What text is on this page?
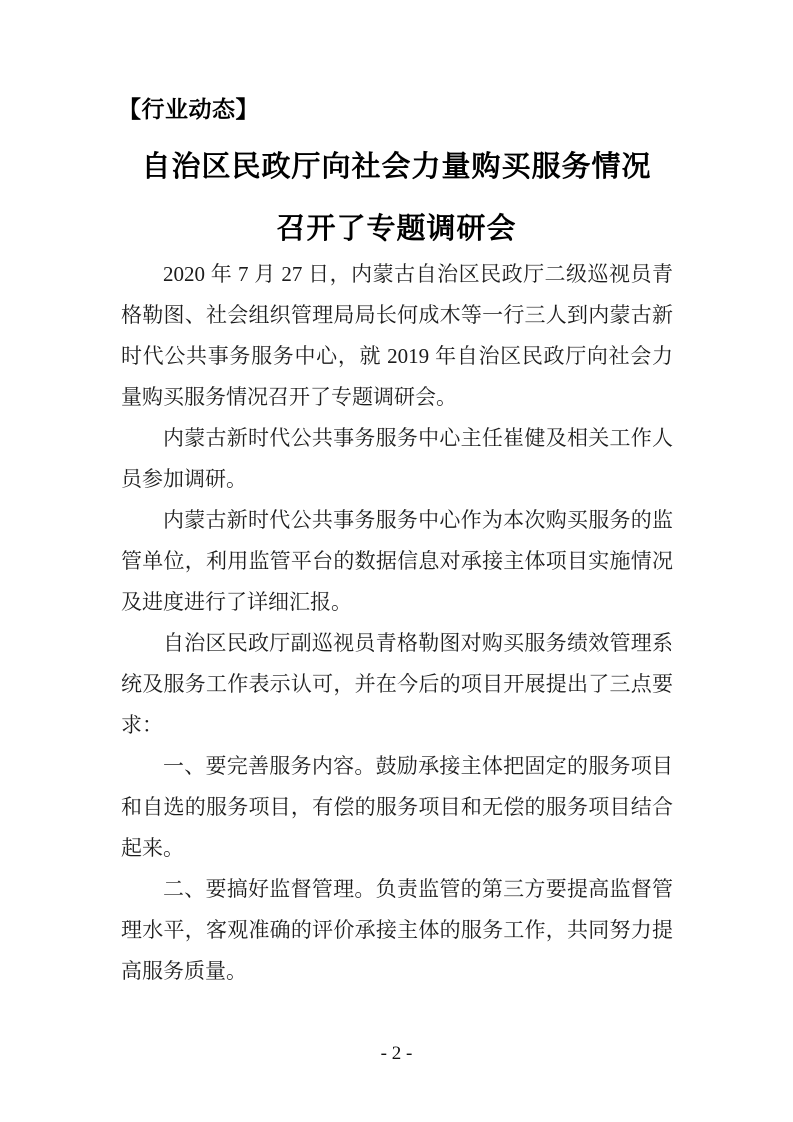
【行业动态】
自治区民政厅向社会力量购买服务情况
召开了专题调研会

2020 年 7 月 27 日，内蒙古自治区民政厅二级巡视员青格勒图、社会组织管理局局长何成木等一行三人到内蒙古新时代公共事务服务中心，就 2019 年自治区民政厅向社会力量购买服务情况召开了专题调研会。

内蒙古新时代公共事务服务中心主任崔健及相关工作人员参加调研。

内蒙古新时代公共事务服务中心作为本次购买服务的监管单位，利用监管平台的数据信息对承接主体项目实施情况及进度进行了详细汇报。

自治区民政厅副巡视员青格勒图对购买服务绩效管理系统及服务工作表示认可，并在今后的项目开展提出了三点要求：

一、要完善服务内容。鼓励承接主体把固定的服务项目和自选的服务项目，有偿的服务项目和无偿的服务项目结合起来。

二、要搞好监督管理。负责监管的第三方要提高监督管理水平，客观准确的评价承接主体的服务工作，共同努力提高服务质量。

- 2 -
